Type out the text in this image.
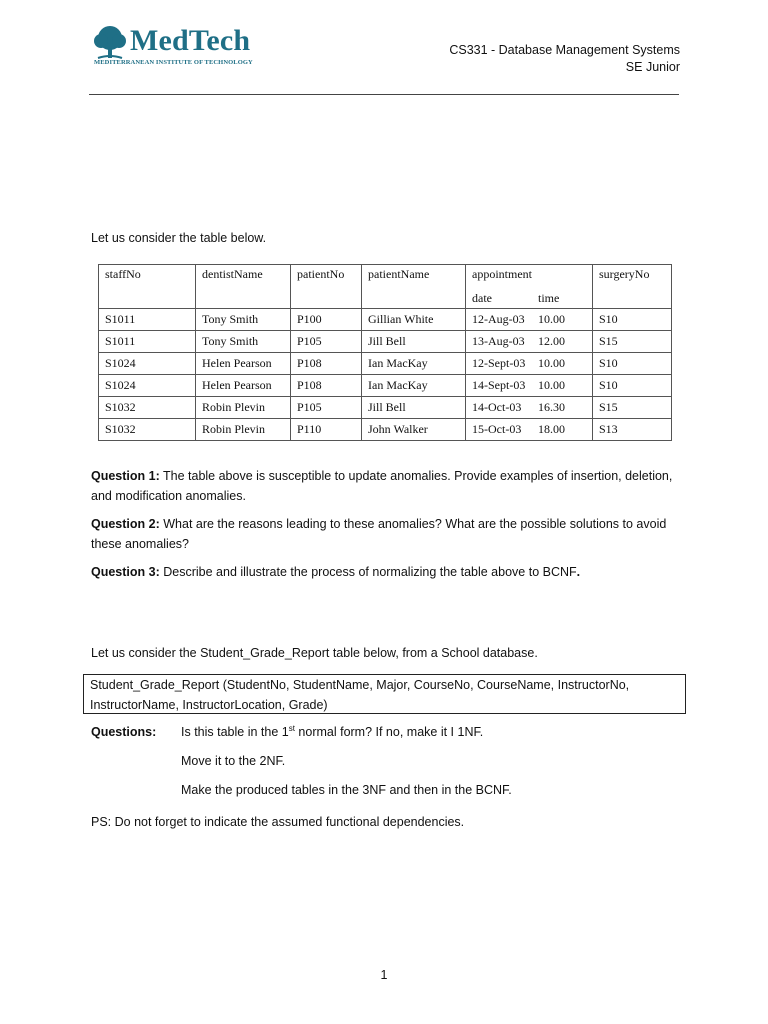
MedTech
MEDITERRANEAN INSTITUTE OF TECHNOLOGY
CS331 - Database Management Systems
SE Junior
Let us consider the table below.
staffNo	dentistName	patientNo	patientName	appointment	surgeryNo
				date time	
S1011	Tony Smith	P100	Gillian White	12-Aug-03 10.00	S10
S1011	Tony Smith	P105	Jill Bell	13-Aug-03 12.00	S15
S1024	Helen Pearson	P108	Ian MacKay	12-Sept-03 10.00	S10
S1024	Helen Pearson	P108	Ian MacKay	14-Sept-03 10.00	S10
S1032	Robin Plevin	P105	Jill Bell	14-Oct-03 16.30	S15
S1032	Robin Plevin	P110	John Walker	15-Oct-03 18.00	S13
Question 1: The table above is susceptible to update anomalies. Provide examples of insertion, deletion, and modification anomalies.
Question 2: What are the reasons leading to these anomalies? What are the possible solutions to avoid these anomalies?
Question 3: Describe and illustrate the process of normalizing the table above to BCNF.
Let us consider the Student_Grade_Report table below, from a School database.
Student_Grade_Report (StudentNo, StudentName, Major, CourseNo, CourseName, InstructorNo, InstructorName, InstructorLocation, Grade)
Questions: Is this table in the 1st normal form? If no, make it I 1NF.
Move it to the 2NF.
Make the produced tables in the 3NF and then in the BCNF.
PS: Do not forget to indicate the assumed functional dependencies.
1
